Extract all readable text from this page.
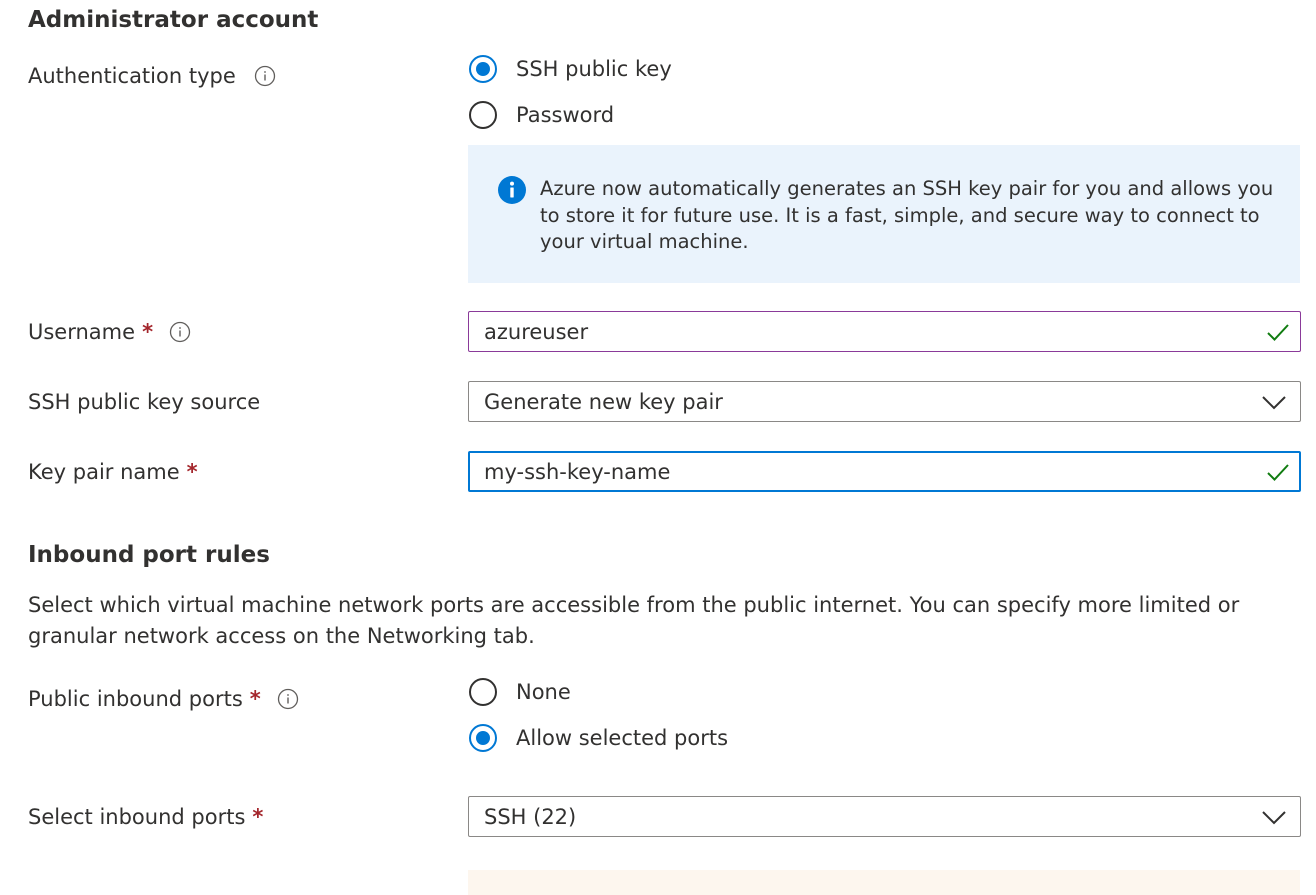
Administrator account
Authentication type	SSH public key
Password
Azure now automatically generates an SSH key pair for you and allows you to store it for future use. It is a fast, simple, and secure way to connect to your virtual machine.
Username *	azureuser
SSH public key source	Generate new key pair
Key pair name *	my-ssh-key-name
Inbound port rules
Select which virtual machine network ports are accessible from the public internet. You can specify more limited or granular network access on the Networking tab.
Public inbound ports *	None
Allow selected ports
Select inbound ports *	SSH (22)
